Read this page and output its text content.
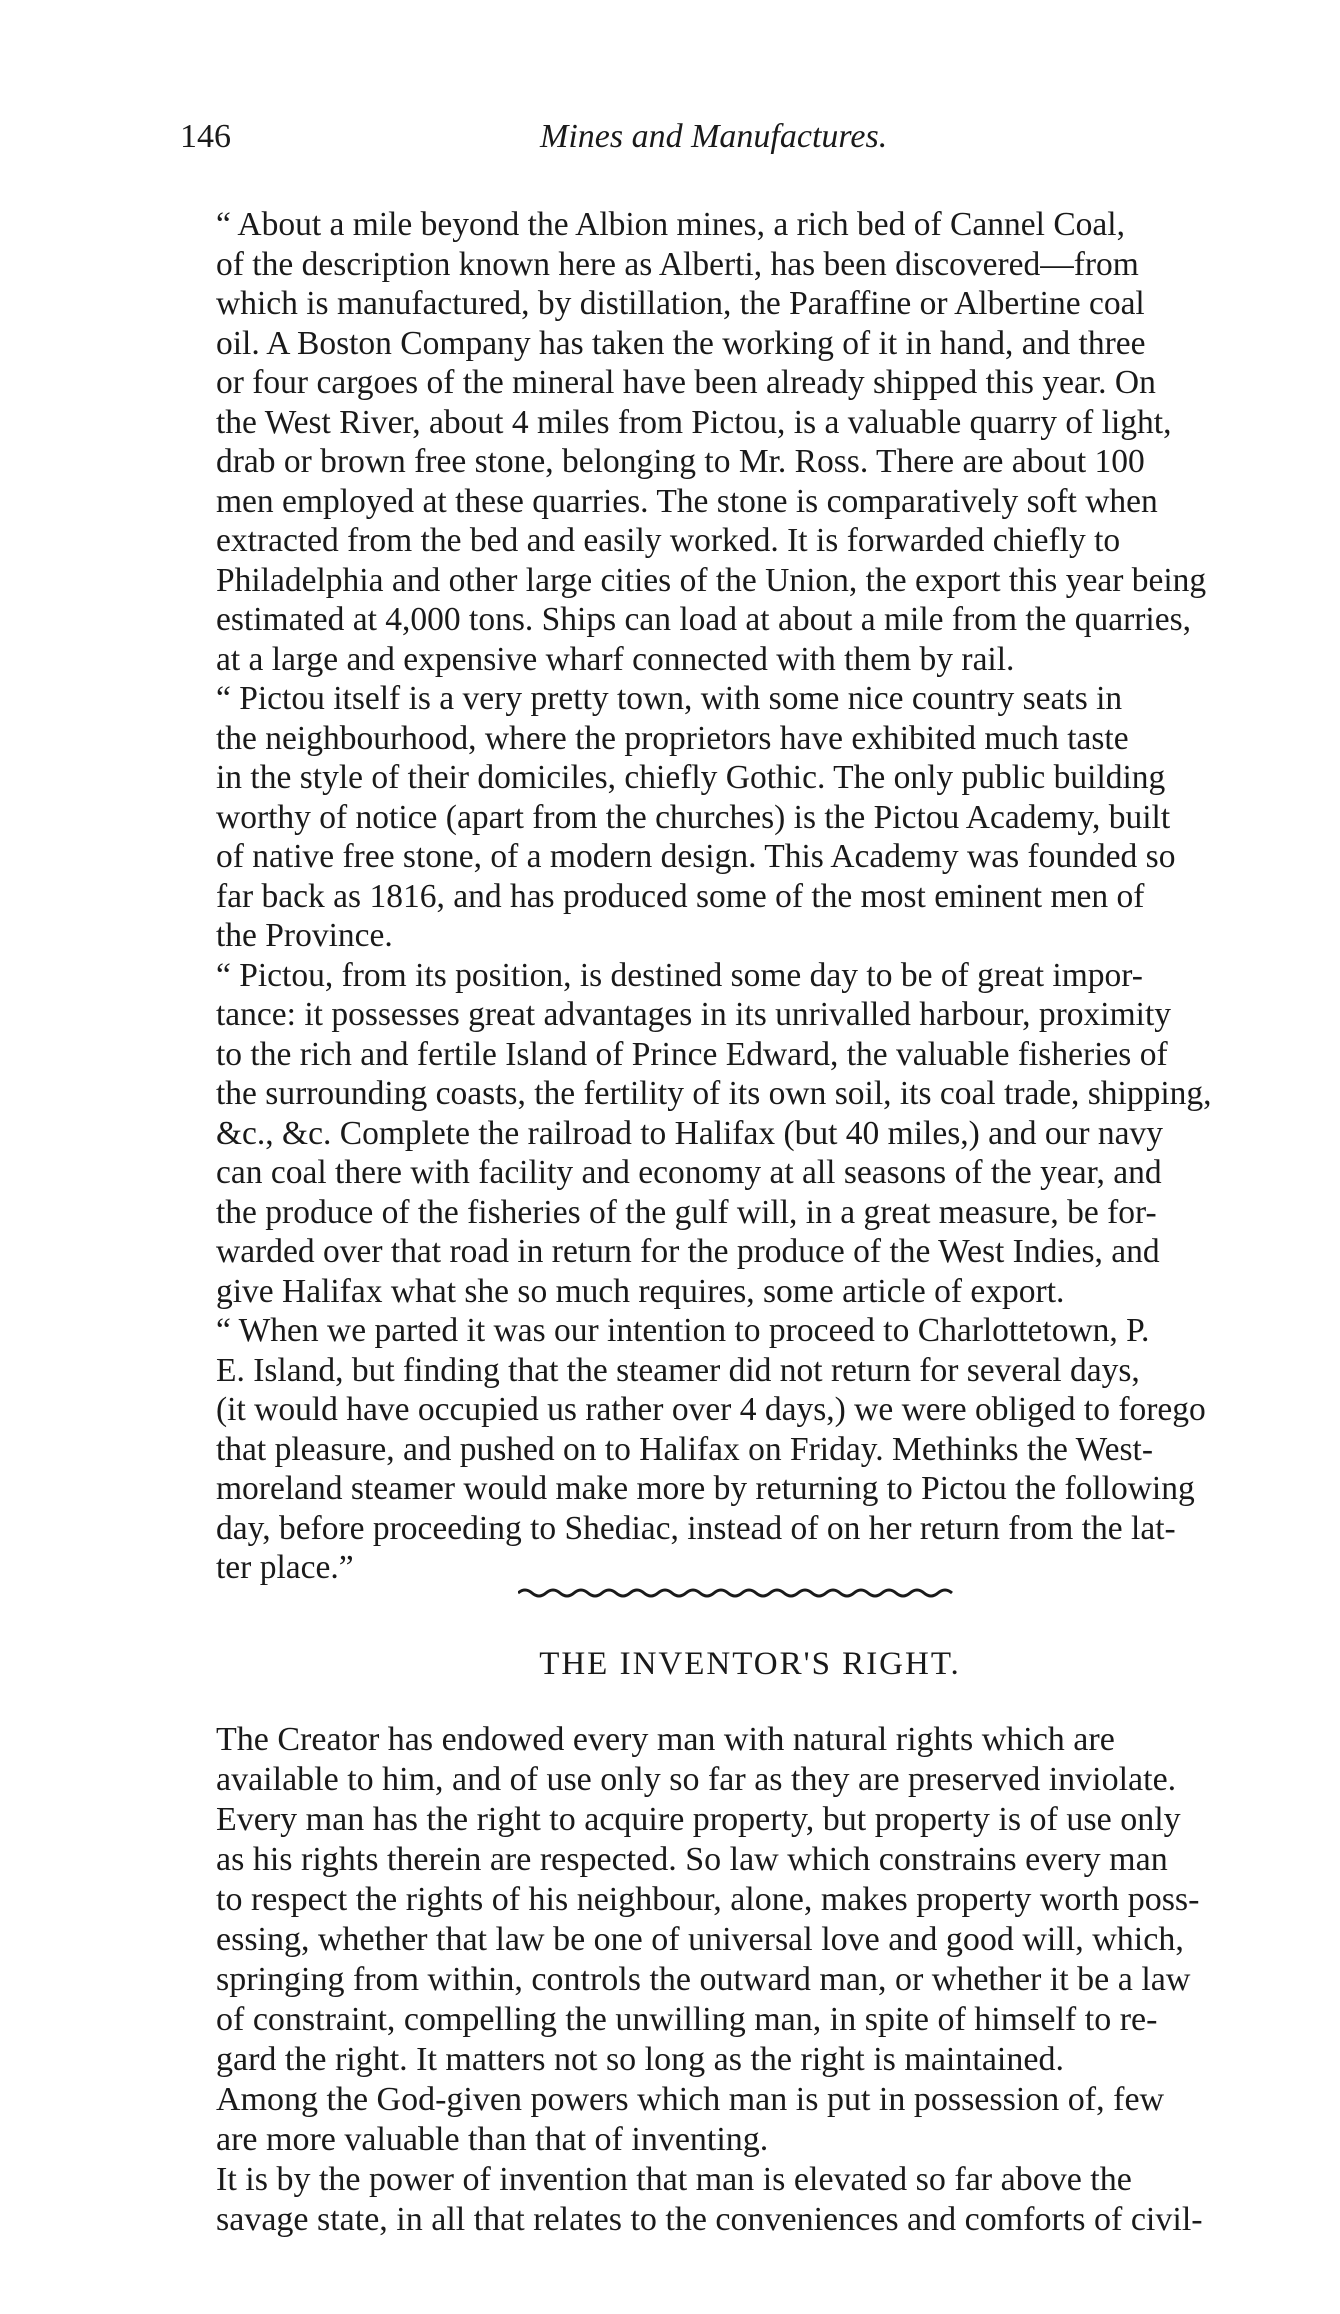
146	Mines and Manufactures.

“ About a mile beyond the Albion mines, a rich bed of Cannel Coal,
of the description known here as Alberti, has been discovered—from
which is manufactured, by distillation, the Paraffine or Albertine coal
oil. A Boston Company has taken the working of it in hand, and three
or four cargoes of the mineral have been already shipped this year. On
the West River, about 4 miles from Pictou, is a valuable quarry of light,
drab or brown free stone, belonging to Mr. Ross. There are about 100
men employed at these quarries. The stone is comparatively soft when
extracted from the bed and easily worked. It is forwarded chiefly to
Philadelphia and other large cities of the Union, the export this year being
estimated at 4,000 tons. Ships can load at about a mile from the quarries,
at a large and expensive wharf connected with them by rail.

“ Pictou itself is a very pretty town, with some nice country seats in
the neighbourhood, where the proprietors have exhibited much taste
in the style of their domiciles, chiefly Gothic. The only public building
worthy of notice (apart from the churches) is the Pictou Academy, built
of native free stone, of a modern design. This Academy was founded so
far back as 1816, and has produced some of the most eminent men of
the Province.

“ Pictou, from its position, is destined some day to be of great impor-
tance: it possesses great advantages in its unrivalled harbour, proximity
to the rich and fertile Island of Prince Edward, the valuable fisheries of
the surrounding coasts, the fertility of its own soil, its coal trade, shipping,
&c., &c. Complete the railroad to Halifax (but 40 miles,) and our navy
can coal there with facility and economy at all seasons of the year, and
the produce of the fisheries of the gulf will, in a great measure, be for-
warded over that road in return for the produce of the West Indies, and
give Halifax what she so much requires, some article of export.

“ When we parted it was our intention to proceed to Charlottetown, P.
E. Island, but finding that the steamer did not return for several days,
(it would have occupied us rather over 4 days,) we were obliged to forego
that pleasure, and pushed on to Halifax on Friday. Methinks the West-
moreland steamer would make more by returning to Pictou the following
day, before proceeding to Shediac, instead of on her return from the lat-
ter place.”

THE INVENTOR'S RIGHT.

The Creator has endowed every man with natural rights which are
available to him, and of use only so far as they are preserved inviolate.
Every man has the right to acquire property, but property is of use only
as his rights therein are respected. So law which constrains every man
to respect the rights of his neighbour, alone, makes property worth poss-
essing, whether that law be one of universal love and good will, which,
springing from within, controls the outward man, or whether it be a law
of constraint, compelling the unwilling man, in spite of himself to re-
gard the right. It matters not so long as the right is maintained.

Among the God-given powers which man is put in possession of, few
are more valuable than that of inventing.

It is by the power of invention that man is elevated so far above the
savage state, in all that relates to the conveniences and comforts of civil-
